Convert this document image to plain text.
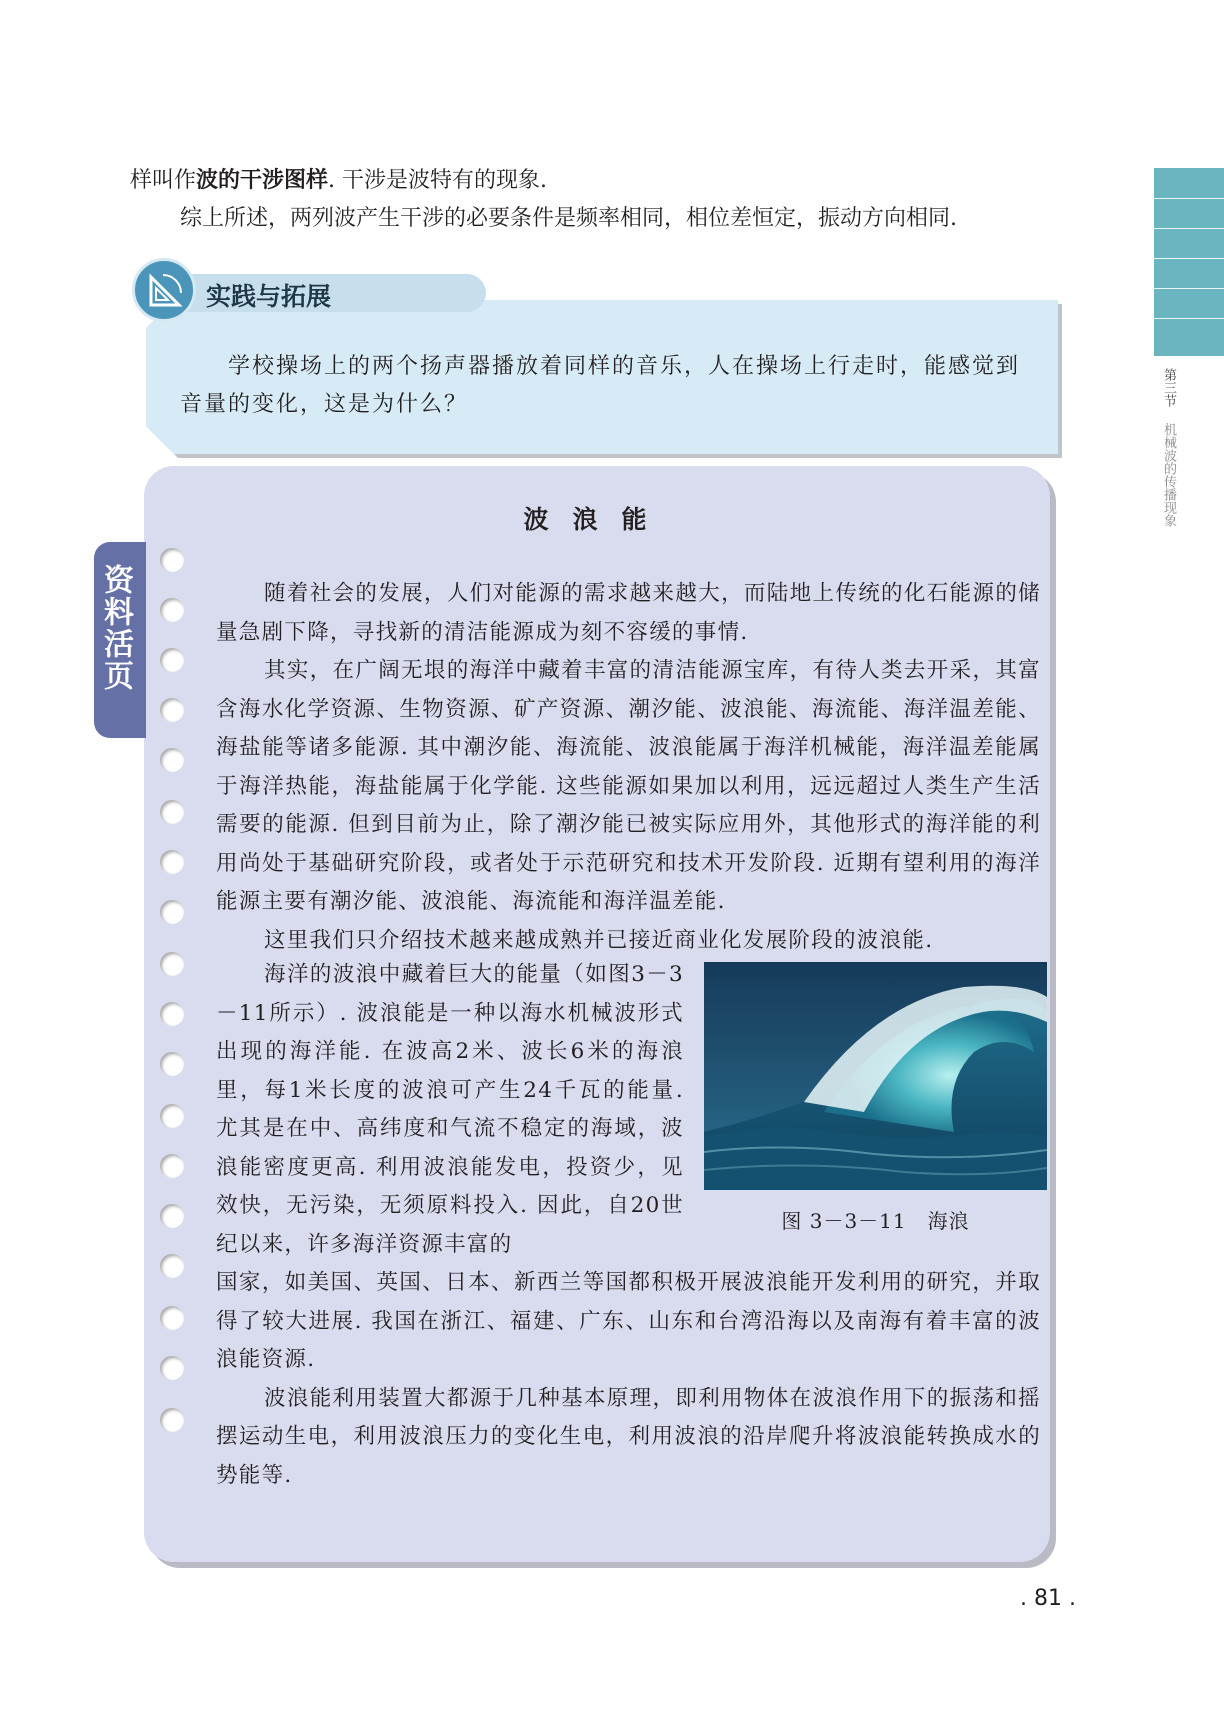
样叫作波的干涉图样. 干涉是波特有的现象.

综上所述，两列波产生干涉的必要条件是频率相同，相位差恒定，振动方向相同.

第三节 机械波的传播现象
实践与拓展

学校操场上的两个扬声器播放着同样的音乐，人在操场上行走时，能感觉到音量的变化，这是为什么？

资料活页
波浪能

随着社会的发展，人们对能源的需求越来越大，而陆地上传统的化石能源的储量急剧下降，寻找新的清洁能源成为刻不容缓的事情.

其实，在广阔无垠的海洋中藏着丰富的清洁能源宝库，有待人类去开采，其富含海水化学资源、生物资源、矿产资源、潮汐能、波浪能、海流能、海洋温差能、海盐能等诸多能源. 其中潮汐能、海流能、波浪能属于海洋机械能，海洋温差能属于海洋热能，海盐能属于化学能. 这些能源如果加以利用，远远超过人类生产生活需要的能源. 但到目前为止，除了潮汐能已被实际应用外，其他形式的海洋能的利用尚处于基础研究阶段，或者处于示范研究和技术开发阶段. 近期有望利用的海洋能源主要有潮汐能、波浪能、海流能和海洋温差能.

这里我们只介绍技术越来越成熟并已接近商业化发展阶段的波浪能.

海洋的波浪中藏着巨大的能量（如图3－3－11所示）. 波浪能是一种以海水机械波形式出现的海洋能. 在波高2米、波长6米的海浪里，每1米长度的波浪可产生24千瓦的能量. 尤其是在中、高纬度和气流不稳定的海域，波浪能密度更高. 利用波浪能发电，投资少，见效快，无污染，无须原料投入. 因此，自20世纪以来，许多海洋资源丰富的

图 3－3－11　海浪

国家，如美国、英国、日本、新西兰等国都积极开展波浪能开发利用的研究，并取得了较大进展. 我国在浙江、福建、广东、山东和台湾沿海以及南海有着丰富的波浪能资源.

波浪能利用装置大都源于几种基本原理，即利用物体在波浪作用下的振荡和摇摆运动生电，利用波浪压力的变化生电，利用波浪的沿岸爬升将波浪能转换成水的势能等.

. 81 .
